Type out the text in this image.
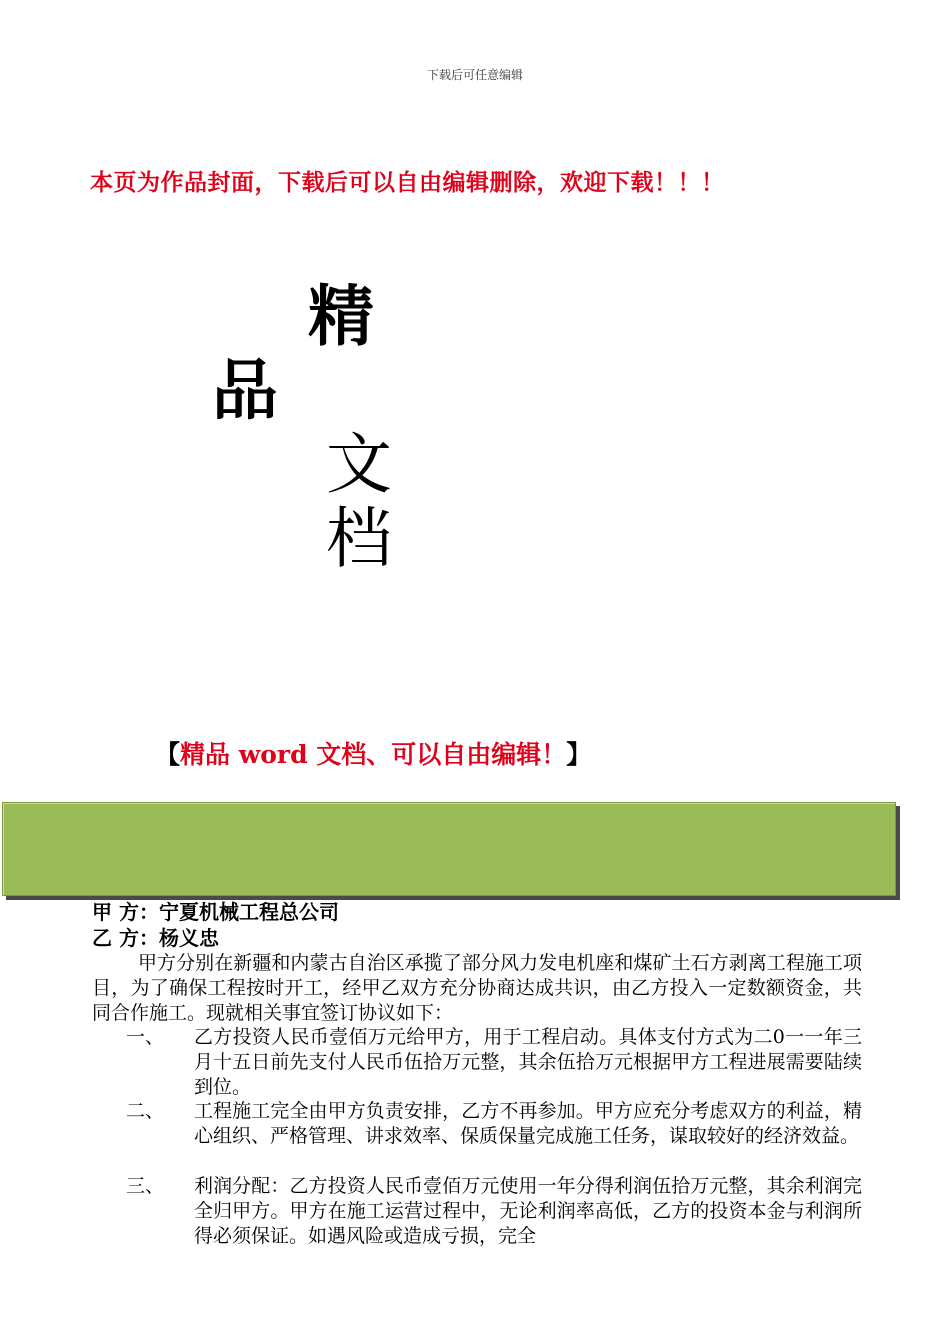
下载后可任意编辑
本页为作品封面，下载后可以自由编辑删除，欢迎下载！！！
精
品
文
档
【精品 word 文档、可以自由编辑！】
甲 方：宁夏机械工程总公司
乙 方：杨义忠
甲方分别在新疆和内蒙古自治区承揽了部分风力发电机座和煤矿土石方剥离工程施工项目，为了确保工程按时开工，经甲乙双方充分协商达成共识，由乙方投入一定数额资金，共同合作施工。现就相关事宜签订协议如下：
一、 乙方投资人民币壹佰万元给甲方，用于工程启动。具体支付方式为二0一一年三月十五日前先支付人民币伍拾万元整，其余伍拾万元根据甲方工程进展需要陆续到位。
二、 工程施工完全由甲方负责安排，乙方不再参加。甲方应充分考虑双方的利益，精心组织、严格管理、讲求效率、保质保量完成施工任务，谋取较好的经济效益。
三、 利润分配：乙方投资人民币壹佰万元使用一年分得利润伍拾万元整，其余利润完全归甲方。甲方在施工运营过程中，无论利润率高低，乙方的投资本金与利润所得必须保证。如遇风险或造成亏损，完全
